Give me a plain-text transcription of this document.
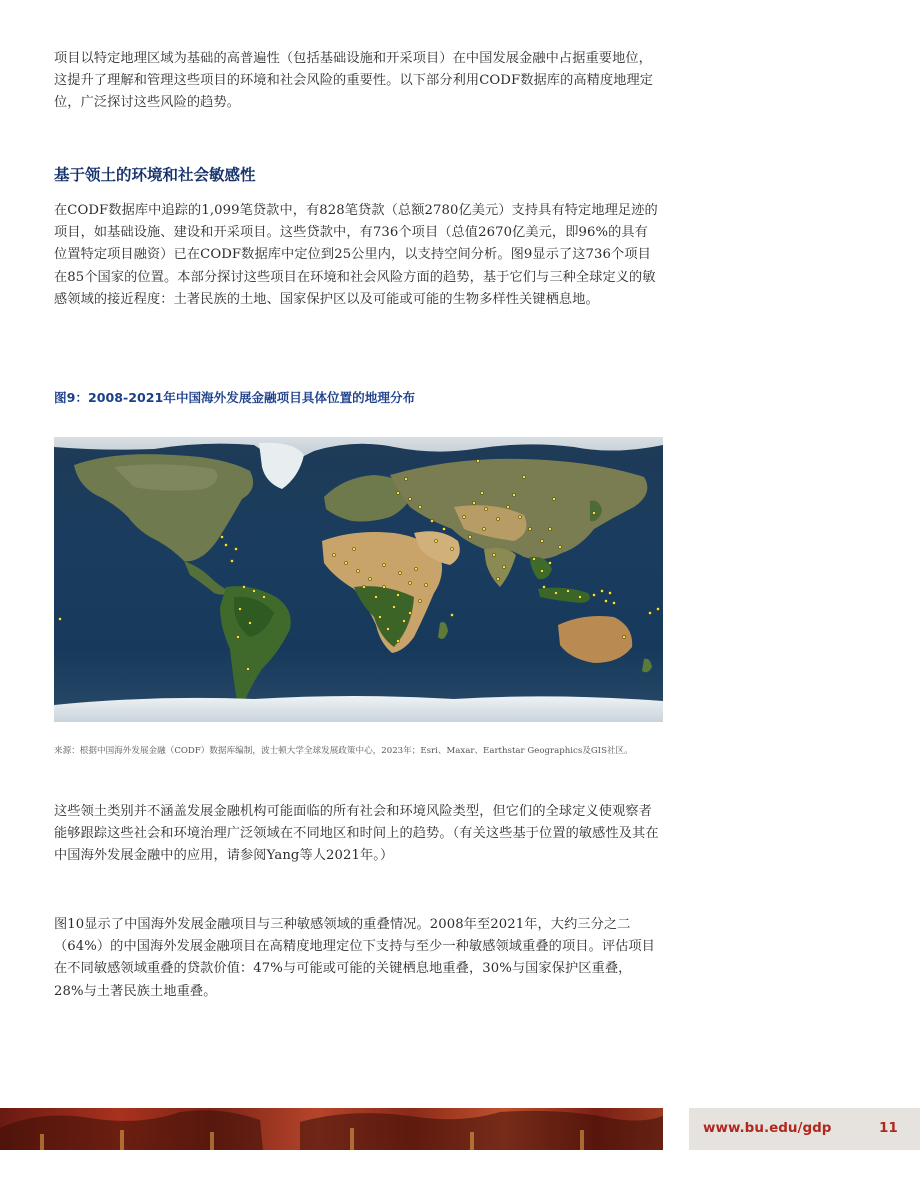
项目以特定地理区域为基础的高普遍性（包括基础设施和开采项目）在中国发展金融中占据重要地位，这提升了理解和管理这些项目的环境和社会风险的重要性。以下部分利用CODF数据库的高精度地理定位，广泛探讨这些风险的趋势。

基于领土的环境和社会敏感性

在CODF数据库中追踪的1,099笔贷款中，有828笔贷款（总额2780亿美元）支持具有特定地理足迹的项目，如基础设施、建设和开采项目。这些贷款中，有736个项目（总值2670亿美元，即96%的具有位置特定项目融资）已在CODF数据库中定位到25公里内，以支持空间分析。图9显示了这736个项目在85个国家的位置。本部分探讨这些项目在环境和社会风险方面的趋势，基于它们与三种全球定义的敏感领域的接近程度：土著民族的土地、国家保护区以及可能或可能的生物多样性关键栖息地。

图9：2008-2021年中国海外发展金融项目具体位置的地理分布

来源：根据中国海外发展金融（CODF）数据库编制，波士顿大学全球发展政策中心，2023年；Esri、Maxar、Earthstar Geographics及GIS社区。

这些领土类别并不涵盖发展金融机构可能面临的所有社会和环境风险类型，但它们的全球定义使观察者能够跟踪这些社会和环境治理广泛领域在不同地区和时间上的趋势。（有关这些基于位置的敏感性及其在中国海外发展金融中的应用，请参阅Yang等人2021年。）

图10显示了中国海外发展金融项目与三种敏感领域的重叠情况。2008年至2021年，大约三分之二（64%）的中国海外发展金融项目在高精度地理定位下支持与至少一种敏感领域重叠的项目。评估项目在不同敏感领域重叠的贷款价值：47%与可能或可能的关键栖息地重叠，30%与国家保护区重叠，28%与土著民族土地重叠。

www.bu.edu/gdp	11
